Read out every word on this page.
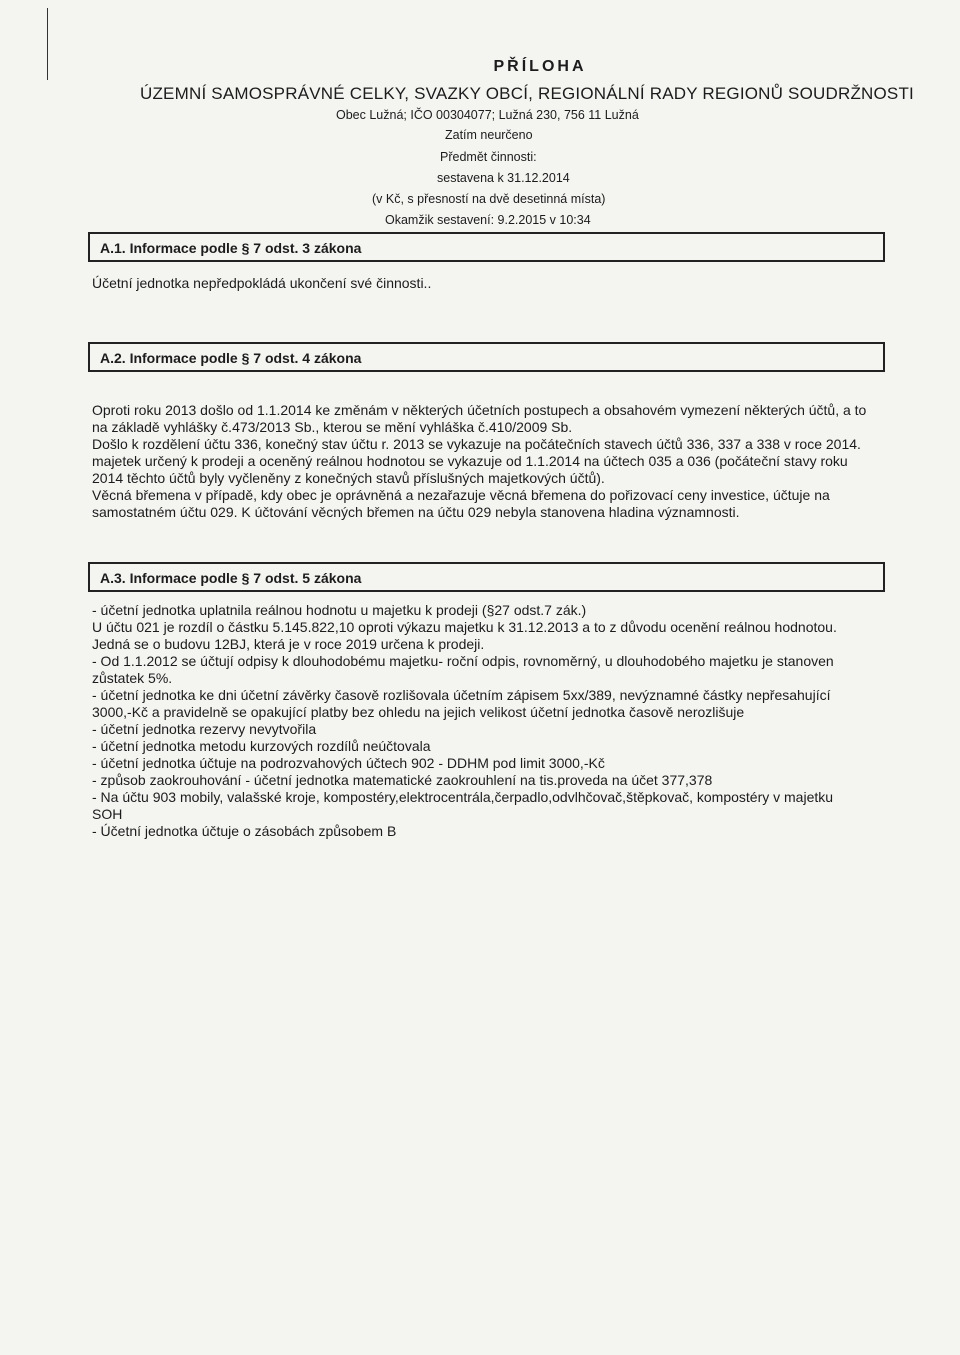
PŘÍLOHA
ÚZEMNÍ SAMOSPRÁVNÉ CELKY, SVAZKY OBCÍ, REGIONÁLNÍ RADY REGIONŮ SOUDRŽNOSTI
Obec Lužná; IČO 00304077; Lužná 230, 756 11 Lužná
Zatím neurčeno
Předmět činnosti:
sestavena k 31.12.2014
(v Kč, s přesností na dvě desetinná místa)
Okamžik sestavení: 9.2.2015 v 10:34
A.1. Informace podle § 7 odst. 3 zákona
Účetní jednotka nepředpokládá ukončení své činnosti..
A.2. Informace podle § 7 odst. 4 zákona
Oproti roku 2013 došlo od 1.1.2014 ke změnám v některých účetních postupech a obsahovém vymezení některých účtů, a to
na základě vyhlášky č.473/2013 Sb., kterou se mění vyhláška č.410/2009 Sb.
Došlo k rozdělení účtu 336, konečný stav účtu r. 2013 se vykazuje na počátečních stavech účtů 336, 337 a 338 v roce 2014.
majetek určený k prodeji a oceněný reálnou hodnotou se vykazuje od 1.1.2014 na účtech 035 a 036 (počáteční stavy roku
2014 těchto účtů byly vyčleněny z konečných stavů příslušných majetkových účtů).
Věcná břemena v případě, kdy obec je oprávněná a nezařazuje věcná břemena do pořizovací ceny investice, účtuje na
samostatném účtu 029. K účtování věcných břemen na účtu 029 nebyla stanovena hladina významnosti.
A.3. Informace podle § 7 odst. 5 zákona
- účetní jednotka uplatnila reálnou hodnotu u majetku k prodeji (§27 odst.7 zák.)
U účtu 021 je rozdíl o částku 5.145.822,10 oproti výkazu majetku k 31.12.2013 a to z důvodu ocenění reálnou hodnotou.
Jedná se o budovu 12BJ, která je v roce 2019 určena k prodeji.
- Od 1.1.2012 se účtují odpisy k dlouhodobému majetku- roční odpis, rovnoměrný, u dlouhodobého majetku je stanoven
zůstatek 5%.
- účetní jednotka ke dni účetní závěrky časově rozlišovala účetním zápisem 5xx/389, nevýznamné částky nepřesahující
3000,-Kč a pravidelně se opakující platby bez ohledu na jejich velikost účetní jednotka časově nerozlišuje
- účetní jednotka rezervy nevytvořila
- účetní jednotka metodu kurzových rozdílů neúčtovala
- účetní jednotka účtuje na podrozvahových účtech 902 - DDHM pod limit 3000,-Kč
- způsob zaokrouhování - účetní jednotka matematické zaokrouhlení na tis.proveda na účet 377,378
- Na účtu 903 mobily, valašské kroje, kompostéry,elektrocentrála,čerpadlo,odvlhčovač,štěpkovač, kompostéry v majetku
SOH
- Účetní jednotka účtuje o zásobách způsobem B
